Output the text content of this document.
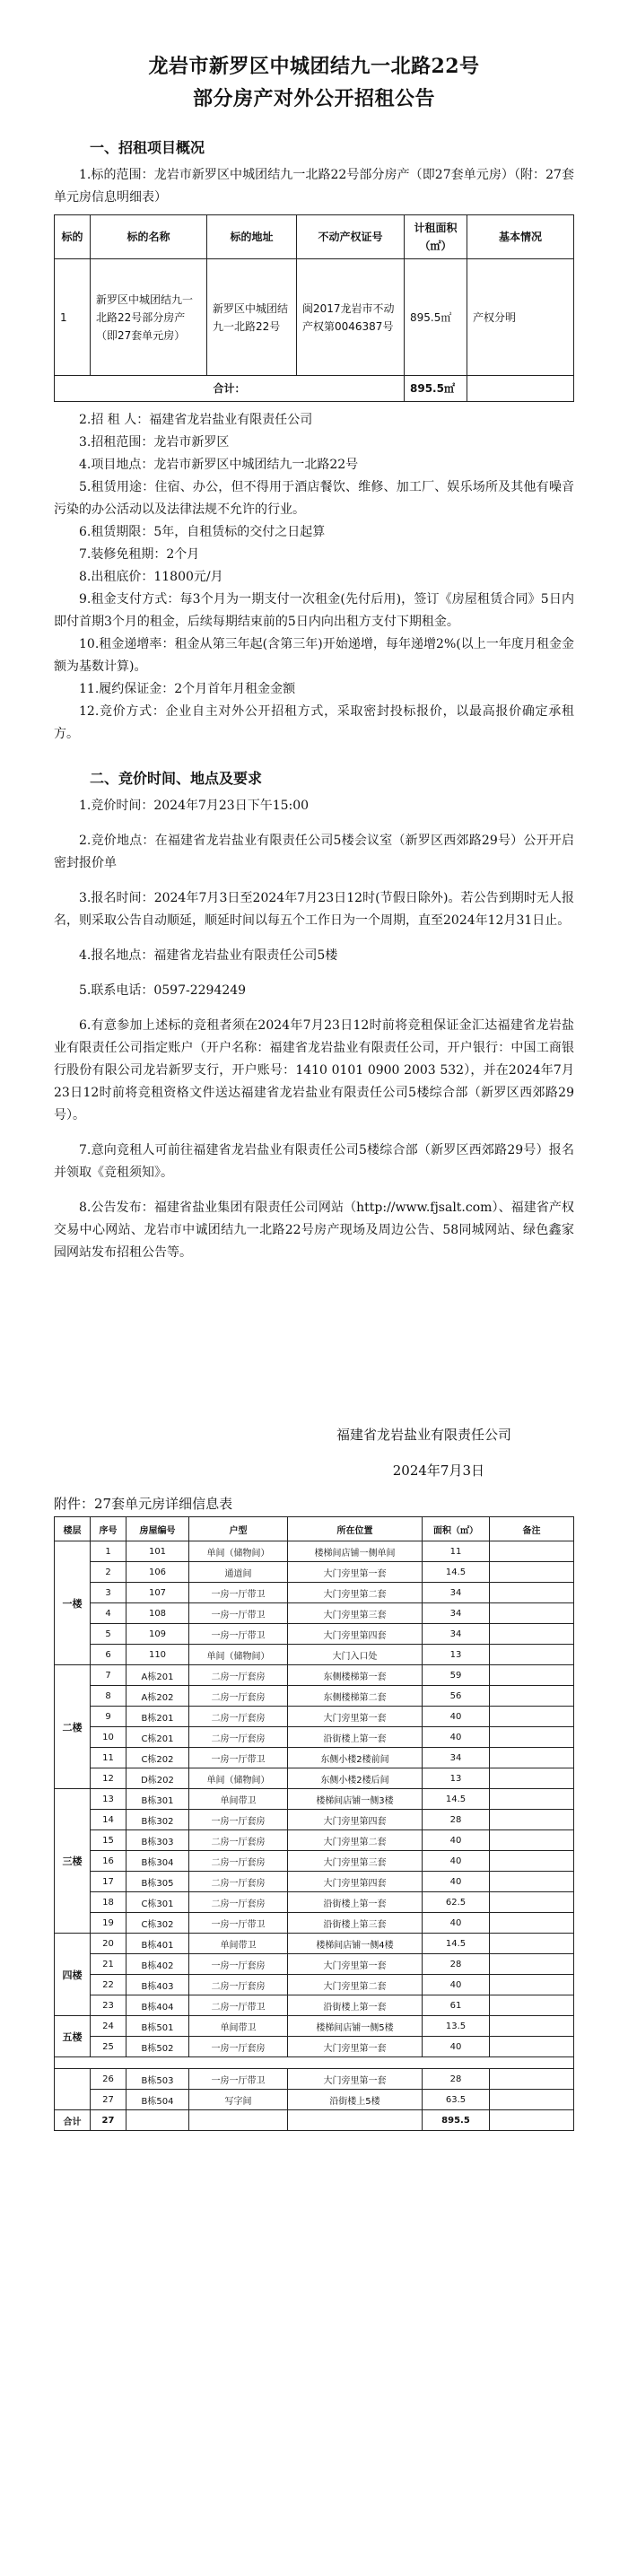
龙岩市新罗区中城团结九一北路22号
部分房产对外公开招租公告
一、招租项目概况

1.标的范围：龙岩市新罗区中城团结九一北路22号部分房产（即27套单元房）（附：27套单元房信息明细表）

标的	标的名称	标的地址	不动产权证号	计租面积（㎡）	基本情况
1	新罗区中城团结九一北路22号部分房产（即27套单元房）	新罗区中城团结九一北路22号	闽2017龙岩市不动产权第0046387号	895.5㎡	产权分明
合计：				895.5㎡	

2.招 租 人：福建省龙岩盐业有限责任公司

3.招租范围：龙岩市新罗区

4.项目地点：龙岩市新罗区中城团结九一北路22号

5.租赁用途：住宿、办公，但不得用于酒店餐饮、维修、加工厂、娱乐场所及其他有噪音污染的办公活动以及法律法规不允许的行业。

6.租赁期限：5年，自租赁标的交付之日起算

7.装修免租期：2个月

8.出租底价：11800元/月

9.租金支付方式：每3个月为一期支付一次租金(先付后用)，签订《房屋租赁合同》5日内即付首期3个月的租金，后续每期结束前的5日内向出租方支付下期租金。

10.租金递增率：租金从第三年起(含第三年)开始递增，每年递增2%(以上一年度月租金金额为基数计算)。

11.履约保证金：2个月首年月租金金额

12.竞价方式：企业自主对外公开招租方式，采取密封投标报价，以最高报价确定承租方。

二、竞价时间、地点及要求

1.竞价时间：2024年7月23日下午15:00

2.竞价地点：在福建省龙岩盐业有限责任公司5楼会议室（新罗区西郊路29号）公开开启密封报价单

3.报名时间：2024年7月3日至2024年7月23日12时(节假日除外)。若公告到期时无人报名，则采取公告自动顺延，顺延时间以每五个工作日为一个周期，直至2024年12月31日止。

4.报名地点：福建省龙岩盐业有限责任公司5楼

5.联系电话：0597-2294249

6.有意参加上述标的竞租者须在2024年7月23日12时前将竞租保证金汇达福建省龙岩盐业有限责任公司指定账户（开户名称：福建省龙岩盐业有限责任公司，开户银行：中国工商银行股份有限公司龙岩新罗支行，开户账号：1410 0101 0900 2003 532），并在2024年7月23日12时前将竞租资格文件送达福建省龙岩盐业有限责任公司5楼综合部（新罗区西郊路29号）。

7.意向竞租人可前往福建省龙岩盐业有限责任公司5楼综合部（新罗区西郊路29号）报名并领取《竞租须知》。

8.公告发布：福建省盐业集团有限责任公司网站（http://www.fjsalt.com）、福建省产权交易中心网站、龙岩市中诚团结九一北路22号房产现场及周边公告、58同城网站、绿色鑫家园网站发布招租公告等。

福建省龙岩盐业有限责任公司

2024年7月3日

附件：27套单元房详细信息表

楼层	序号	房屋编号	户型	所在位置	面积（㎡）	备注
一楼	1	101	单间（储物间）	楼梯间店铺一侧单间	11	
	2	106	通道间	大门旁里第一套	14.5	
	3	107	一房一厅带卫	大门旁里第二套	34	
	4	108	一房一厅带卫	大门旁里第三套	34	
	5	109	一房一厅带卫	大门旁里第四套	34	
	6	110	单间（储物间）	大门入口处	13	
二楼	7	A栋201	二房一厅套房	东侧楼梯第一套	59	
	8	A栋202	二房一厅套房	东侧楼梯第二套	56	
	9	B栋201	二房一厅套房	大门旁里第一套	40	
	10	C栋201	二房一厅套房	沿街楼上第一套	40	
	11	C栋202	一房一厅带卫	东侧小楼2楼前间	34	
	12	D栋202	单间（储物间）	东侧小楼2楼后间	13	
三楼	13	B栋301	单间带卫	楼梯间店铺一侧3楼	14.5	
	14	B栋302	一房一厅套房	大门旁里第四套	28	
	15	B栋303	二房一厅套房	大门旁里第二套	40	
	16	B栋304	二房一厅套房	大门旁里第三套	40	
	17	B栋305	二房一厅套房	大门旁里第四套	40	
	18	C栋301	二房一厅套房	沿街楼上第一套	62.5	
	19	C栋302	一房一厅带卫	沿街楼上第三套	40	
四楼	20	B栋401	单间带卫	楼梯间店铺一侧4楼	14.5	
	21	B栋402	一房一厅套房	大门旁里第一套	28	
	22	B栋403	二房一厅套房	大门旁里第二套	40	
	23	B栋404	二房一厅带卫	沿街楼上第一套	61	
五楼	24	B栋501	单间带卫	楼梯间店铺一侧5楼	13.5	
	25	B栋502	一房一厅套房	大门旁里第一套	40	

	26	B栋503	一房一厅带卫	大门旁里第一套	28	
	27	B栋504	写字间	沿街楼上5楼	63.5	
合计	27				895.5	
